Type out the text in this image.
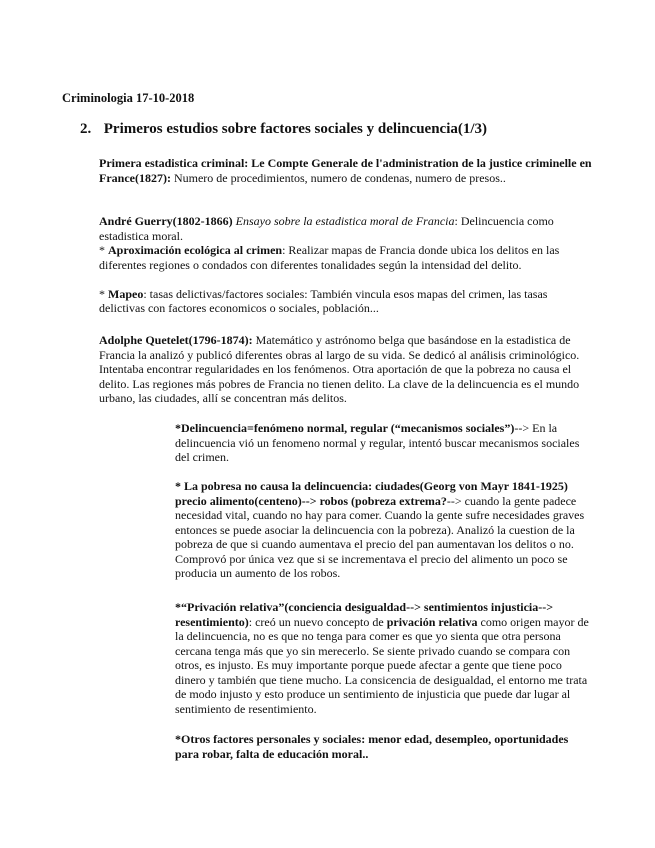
Criminologia 17-10-2018
2. Primeros estudios sobre factores sociales y delincuencia(1/3)

Primera estadistica criminal: Le Compte Generale de l'administration de la justice criminelle en France(1827): Numero de procedimientos, numero de condenas, numero de presos..

André Guerry(1802-1866) Ensayo sobre la estadistica moral de Francia: Delincuencia como estadistica moral.

* Aproximación ecológica al crimen: Realizar mapas de Francia donde ubica los delitos en las diferentes regiones o condados con diferentes tonalidades según la intensidad del delito.

* Mapeo: tasas delictivas/factores sociales: También vincula esos mapas del crimen, las tasas delictivas con factores economicos o sociales, población...

Adolphe Quetelet(1796-1874): Matemático y astrónomo belga que basándose en la estadistica de Francia la analizó y publicó diferentes obras al largo de su vida. Se dedicó al análisis criminológico. Intentaba encontrar regularidades en los fenómenos. Otra aportación de que la pobreza no causa el delito. Las regiones más pobres de Francia no tienen delito. La clave de la delincuencia es el mundo urbano, las ciudades, allí se concentran más delitos.

*Delincuencia=fenómeno normal, regular (“mecanismos sociales”)--> En la delincuencia vió un fenomeno normal y regular, intentó buscar mecanismos sociales del crimen.

* La pobresa no causa la delincuencia: ciudades(Georg von Mayr 1841-1925) precio alimento(centeno)--> robos (pobreza extrema?--> cuando la gente padece necesidad vital, cuando no hay para comer. Cuando la gente sufre necesidades graves entonces se puede asociar la delincuencia con la pobreza). Analizó la cuestion de la pobreza de que si cuando aumentava el precio del pan aumentavan los delitos o no. Comprovó por única vez que si se incrementava el precio del alimento un poco se producia un aumento de los robos.

*“Privación relativa”(conciencia desigualdad--> sentimientos injusticia--> resentimiento): creó un nuevo concepto de privación relativa como origen mayor de la delincuencia, no es que no tenga para comer es que yo sienta que otra persona cercana tenga más que yo sin merecerlo. Se siente privado cuando se compara con otros, es injusto. Es muy importante porque puede afectar a gente que tiene poco dinero y también que tiene mucho. La consicencia de desigualdad, el entorno me trata de modo injusto y esto produce un sentimiento de injusticia que puede dar lugar al sentimiento de resentimiento.

*Otros factores personales y sociales: menor edad, desempleo, oportunidades para robar, falta de educación moral..
